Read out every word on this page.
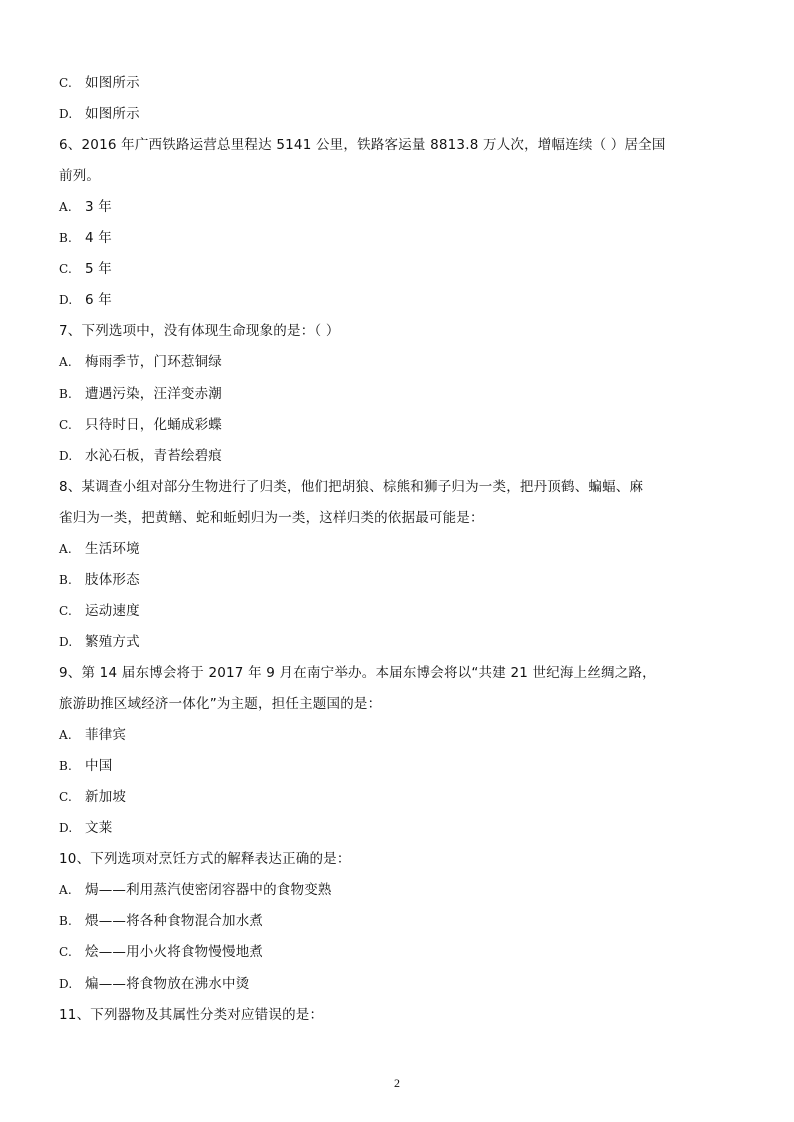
C. 如图所示
D. 如图所示
6、2016 年广西铁路运营总里程达 5141 公里，铁路客运量 8813.8 万人次，增幅连续（ ）居全国
前列。
A. 3 年
B. 4 年
C. 5 年
D. 6 年
7、下列选项中，没有体现生命现象的是：（ ）
A. 梅雨季节，门环惹铜绿
B. 遭遇污染，汪洋变赤潮
C. 只待时日，化蛹成彩蝶
D. 水沁石板，青苔绘碧痕
8、某调查小组对部分生物进行了归类，他们把胡狼、棕熊和狮子归为一类，把丹顶鹤、蝙蝠、麻
雀归为一类，把黄鳝、蛇和蚯蚓归为一类，这样归类的依据最可能是：
A. 生活环境
B. 肢体形态
C. 运动速度
D. 繁殖方式
9、第 14 届东博会将于 2017 年 9 月在南宁举办。本届东博会将以“共建 21 世纪海上丝绸之路，
旅游助推区域经济一体化”为主题，担任主题国的是：
A. 菲律宾
B. 中国
C. 新加坡
D. 文莱
10、下列选项对烹饪方式的解释表达正确的是：
A. 焗——利用蒸汽使密闭容器中的食物变熟
B. 煨——将各种食物混合加水煮
C. 烩——用小火将食物慢慢地煮
D. 煸——将食物放在沸水中烫
11、下列器物及其属性分类对应错误的是：
2
